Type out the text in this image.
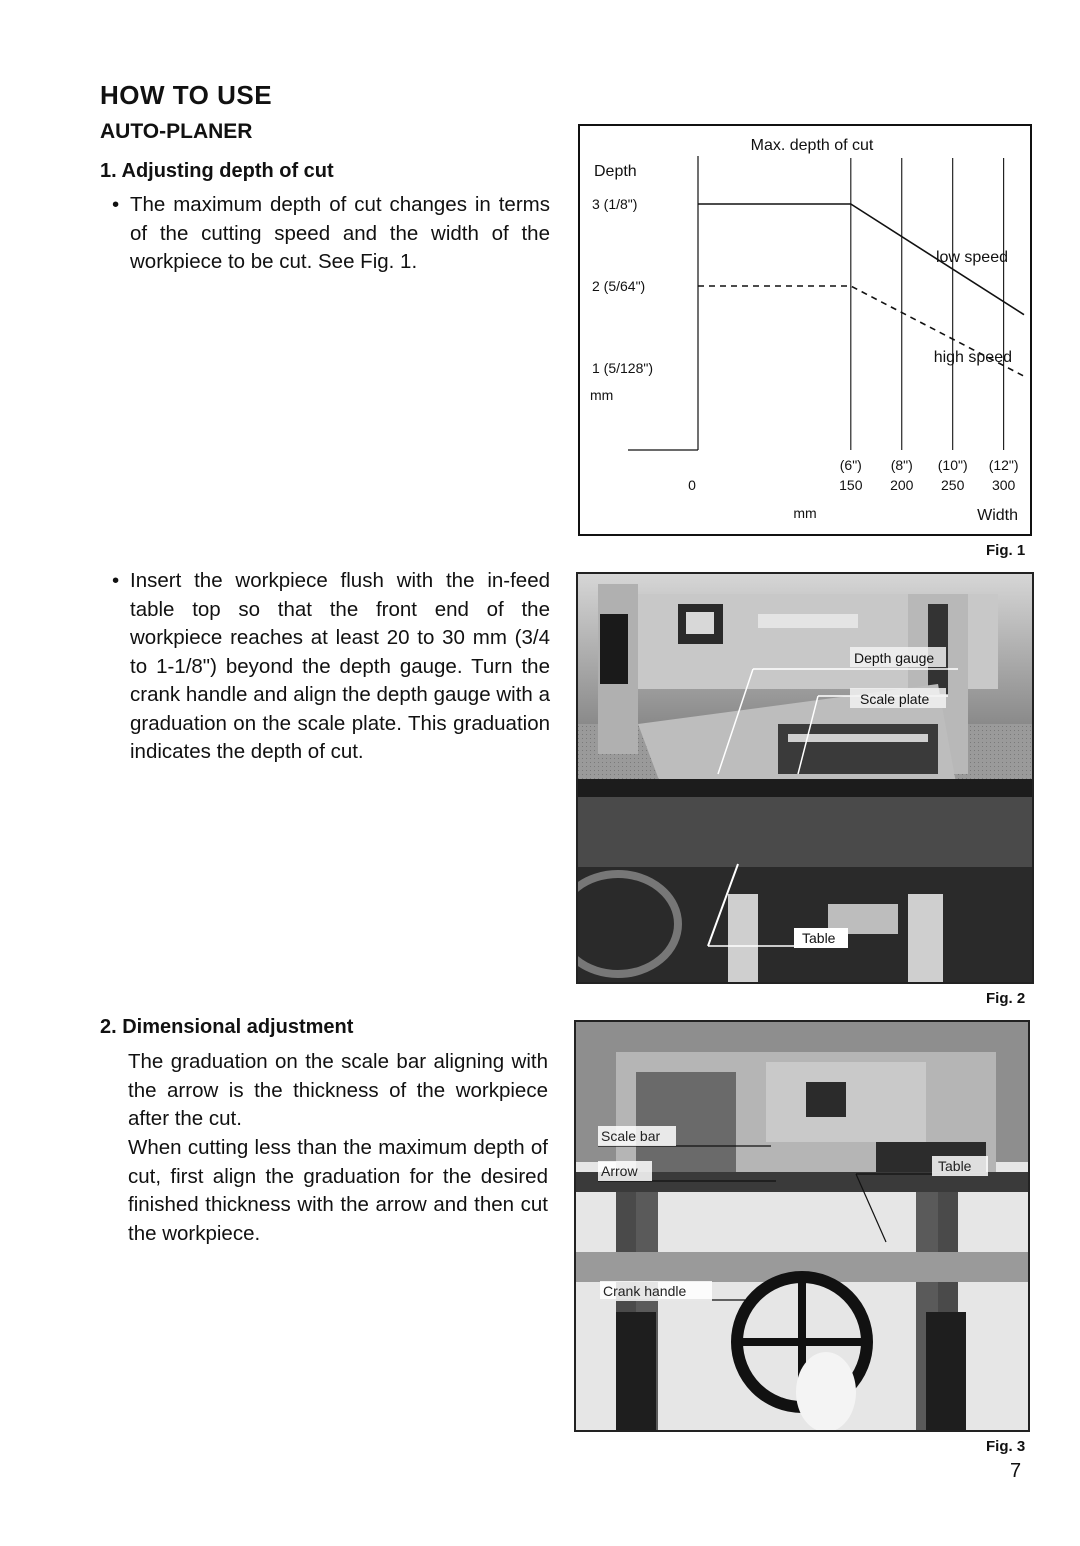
HOW TO USE
AUTO-PLANER
1. Adjusting depth of cut
• The maximum depth of cut changes in terms of the cutting speed and the width of the workpiece to be cut. See Fig. 1.
• Insert the workpiece flush with the in-feed table top so that the front end of the workpiece reaches at least 20 to 30 mm (3/4 to 1-1/8") beyond the depth gauge. Turn the crank handle and align the depth gauge with a graduation on the scale plate. This graduation indicates the depth of cut.
2. Dimensional adjustment
The graduation on the scale bar aligning with the arrow is the thickness of the workpiece after the cut.
When cutting less than the maximum depth of cut, first align the graduation for the desired finished thickness with the arrow and then cut the workpiece.
Max. depth of cut
Depth
3 (1/8")
2 (5/64")
1 (5/128")
mm
(6") (8") (10") (12")
0	150 200 250 300
mm	Width
low speed
high speed
Fig. 1
Depth gauge
Scale plate
Table
Fig. 2
Scale bar
Arrow	Table
Crank handle
Fig. 3
7
